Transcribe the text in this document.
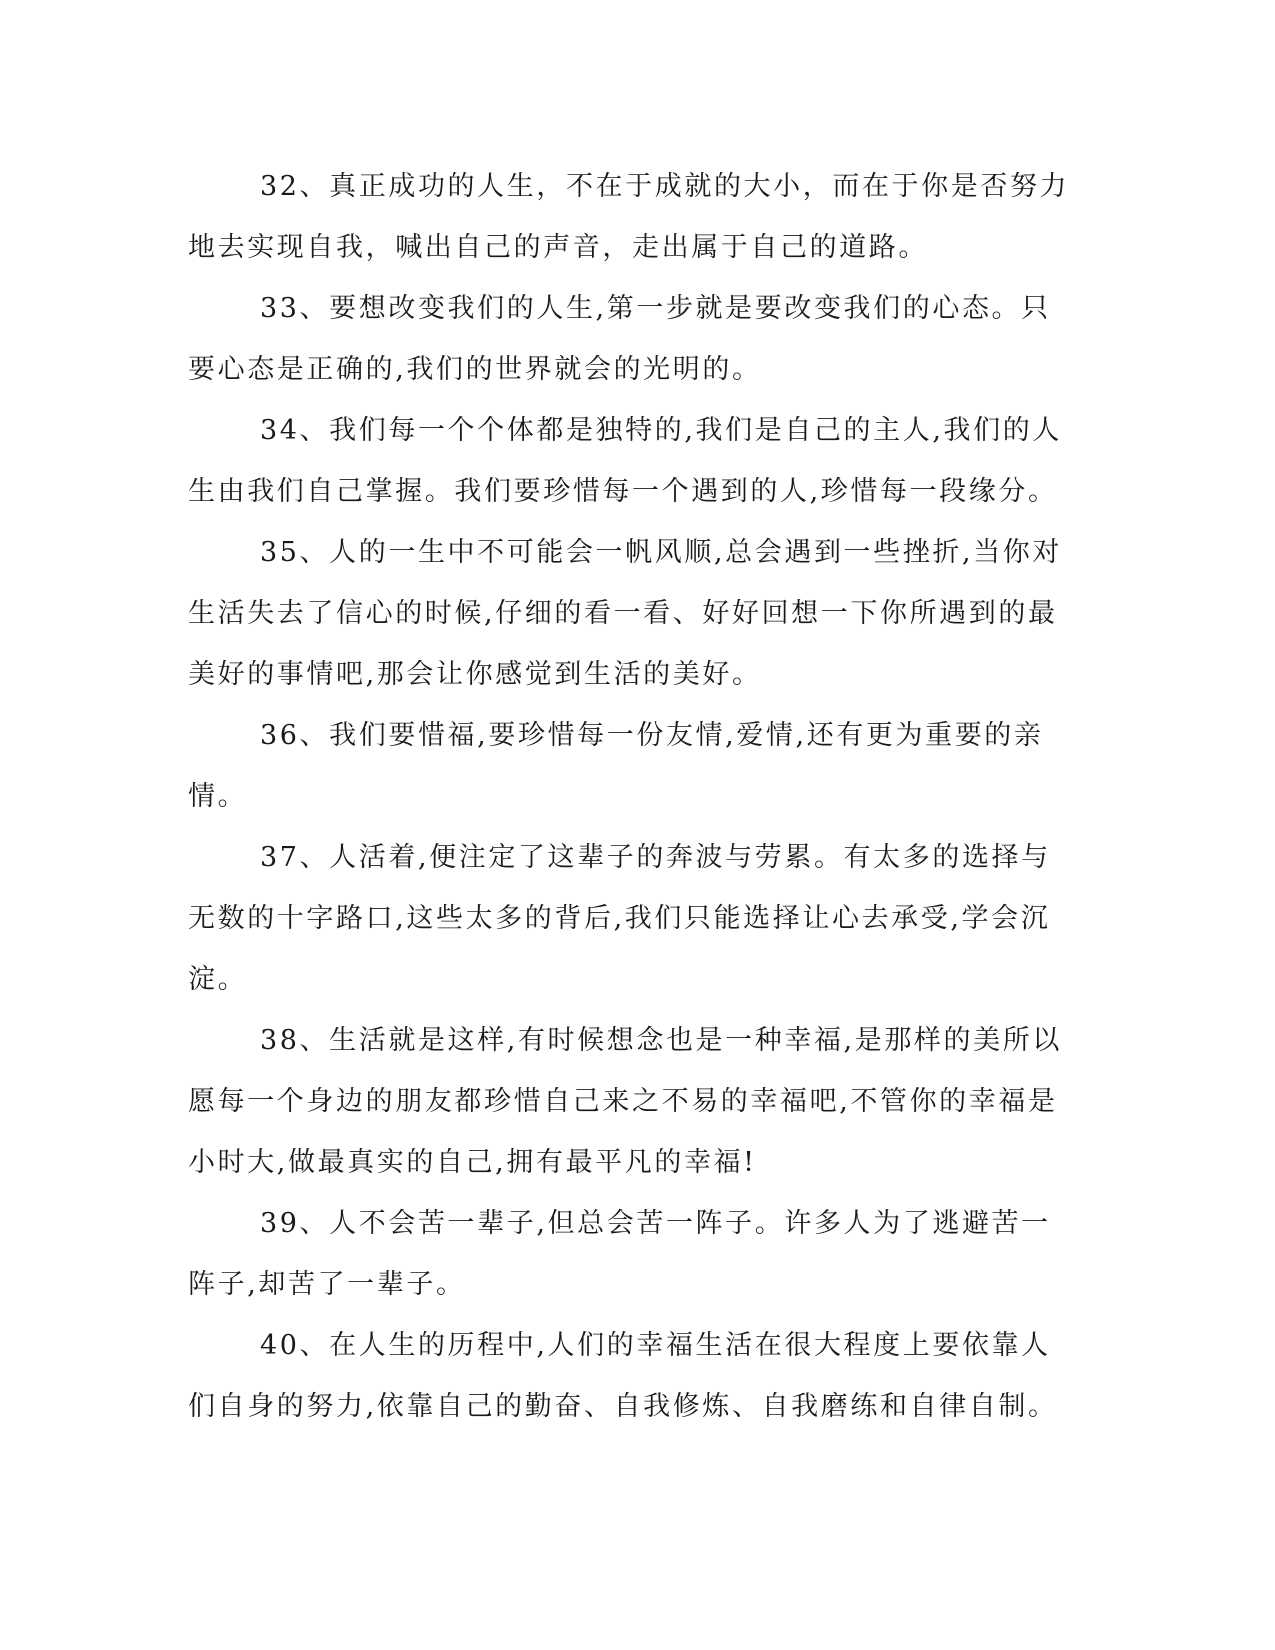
32、真正成功的人生，不在于成就的大小，而在于你是否努力地去实现自我，喊出自己的声音，走出属于自己的道路。

33、要想改变我们的人生,第一步就是要改变我们的心态。只要心态是正确的,我们的世界就会的光明的。

34、我们每一个个体都是独特的,我们是自己的主人,我们的人生由我们自己掌握。我们要珍惜每一个遇到的人,珍惜每一段缘分。

35、人的一生中不可能会一帆风顺,总会遇到一些挫折,当你对生活失去了信心的时候,仔细的看一看、好好回想一下你所遇到的最美好的事情吧,那会让你感觉到生活的美好。

36、我们要惜福,要珍惜每一份友情,爱情,还有更为重要的亲情。

37、人活着,便注定了这辈子的奔波与劳累。有太多的选择与无数的十字路口,这些太多的背后,我们只能选择让心去承受,学会沉淀。

38、生活就是这样,有时候想念也是一种幸福,是那样的美所以愿每一个身边的朋友都珍惜自己来之不易的幸福吧,不管你的幸福是小时大,做最真实的自己,拥有最平凡的幸福!

39、人不会苦一辈子,但总会苦一阵子。许多人为了逃避苦一阵子,却苦了一辈子。

40、在人生的历程中,人们的幸福生活在很大程度上要依靠人们自身的努力,依靠自己的勤奋、自我修炼、自我磨练和自律自制。
